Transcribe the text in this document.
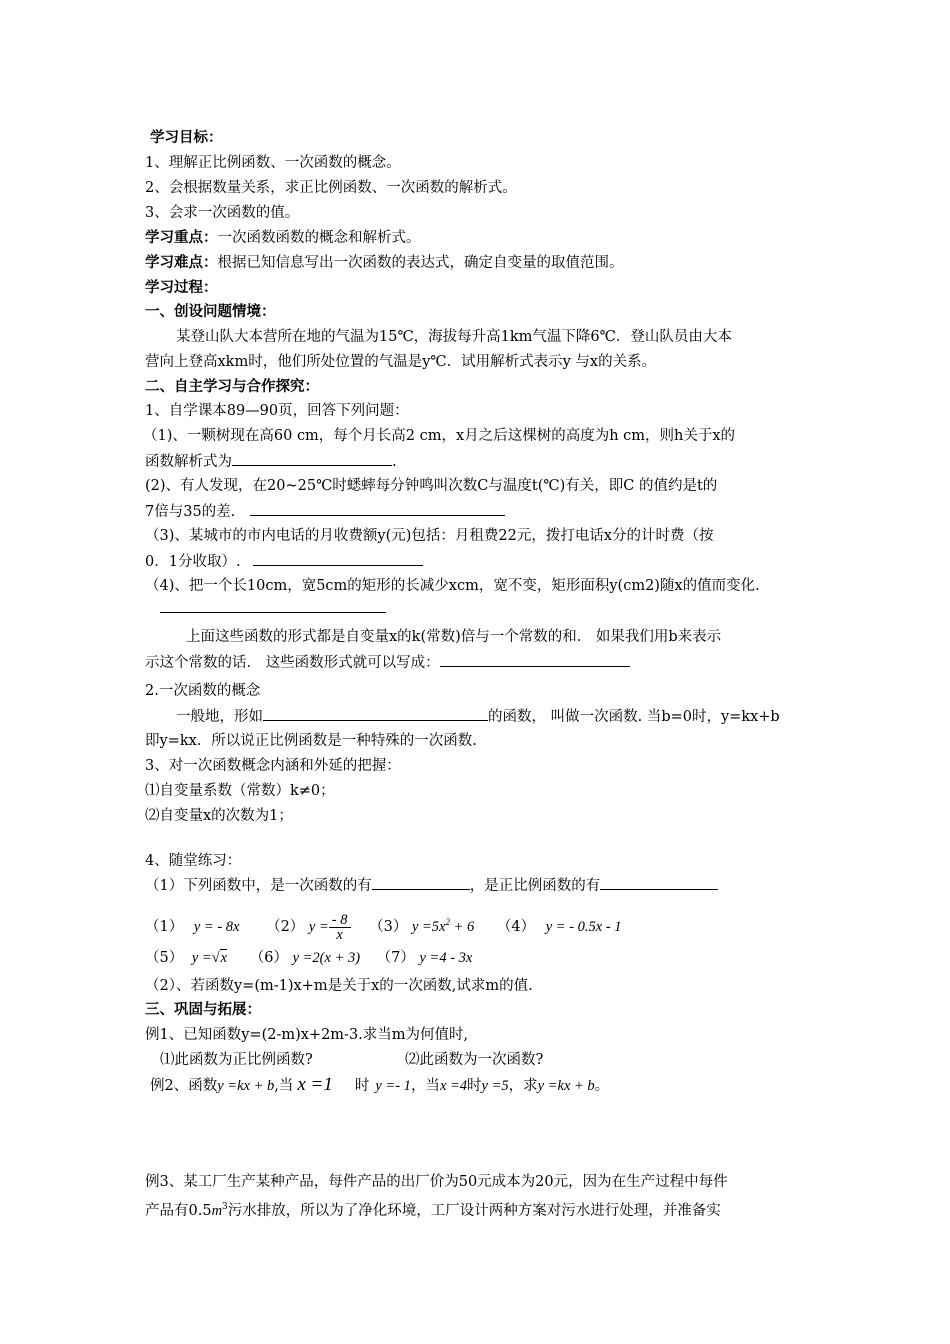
学习目标：
1、理解正比例函数、一次函数的概念。
2、会根据数量关系，求正比例函数、一次函数的解析式。
3、会求一次函数的值。
学习重点：一次函数函数的概念和解析式。
学习难点：根据已知信息写出一次函数的表达式，确定自变量的取值范围。
学习过程：
一、创设问题情境：
某登山队大本营所在地的气温为15℃，海拔每升高1km气温下降6℃．登山队员由大本
营向上登高xkm时，他们所处位置的气温是y℃．试用解析式表示y 与x的关系。
二、自主学习与合作探究：
1、自学课本89—90页，回答下列问题：
（1)、一颗树现在高60 cm，每个月长高2 cm，x月之后这棵树的高度为h cm，则h关于x的
函数解析式为	.
(2)、有人发现，在20~25℃时蟋蟀每分钟鸣叫次数C与温度t(℃)有关，即C 的值约是t的
7倍与35的差.
（3)、某城市的市内电话的月收费额y(元)包括：月租费22元，拨打电话x分的计时费（按
0．1分收取）.
（4)、把一个长10cm，宽5cm的矩形的长减少xcm，宽不变，矩形面积y(cm2)随x的值而变化.
上面这些函数的形式都是自变量x的k(常数)倍与一个常数的和． 如果我们用b来表示
示这个常数的话． 这些函数形式就可以写成：
2.一次函数的概念
一般地，形如	的函数， 叫做一次函数. 当b=0时，y=kx+b
即y=kx．所以说正比例函数是一种特殊的一次函数.
3、对一次函数概念内涵和外延的把握：
⑴自变量系数（常数）k≠0；
⑵自变量x的次数为1；
4、随堂练习：
（1）下列函数中，是一次函数的有	，是正比例函数的有
（1） y = - 8x （2） $y = \frac{- 8}{x} (3)$ $y =5x^2 + 6$ （4） y = - 0.5x - 1
（5） y =√x （6） y =2(x + 3) （7） y =4 - 3x
（2）、若函数y=(m-1)x+m是关于x的一次函数,试求m的值.
三、巩固与拓展：
例1、已知函数y=(2-m)x+2m-3.求当m为何值时,
⑴此函数为正比例函数?	⑵此函数为一次函数?
例2、函数y =kx + b,当 x =1 时 y =- 1，当x =4时y =5，求y =kx + b。
例3、某工厂生产某种产品，每件产品的出厂价为50元成本为20元，因为在生产过程中每件
产品有$0.5m^3$污水排放，所以为了净化环境，工厂设计两种方案对污水进行处理，并准备实
